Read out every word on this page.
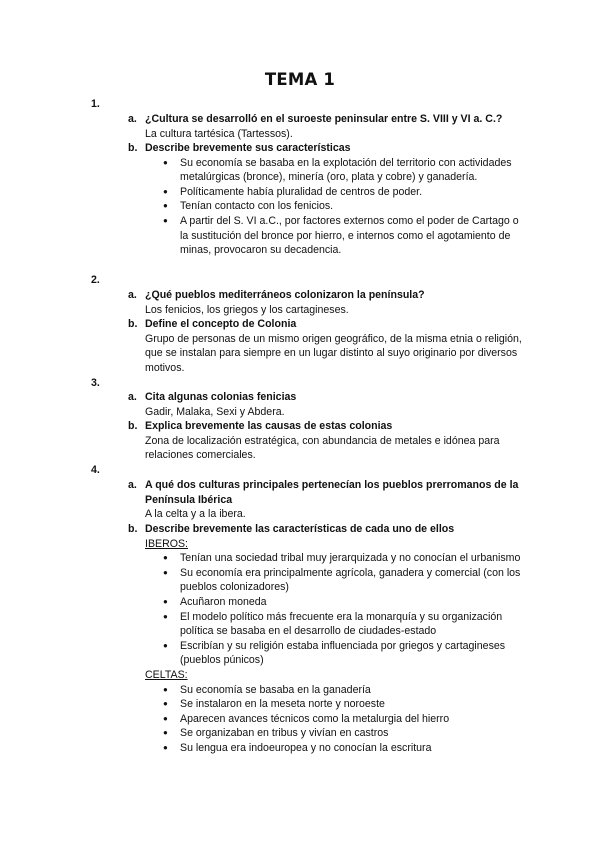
TEMA 1
1.
a. ¿Cultura se desarrolló en el suroeste peninsular entre S. VIII y VI a. C.?
La cultura tartésica (Tartessos).
b. Describe brevemente sus características
● Su economía se basaba en la explotación del territorio con actividades metalúrgicas (bronce), minería (oro, plata y cobre) y ganadería.
● Políticamente había pluralidad de centros de poder.
● Tenían contacto con los fenicios.
● A partir del S. VI a.C., por factores externos como el poder de Cartago o la sustitución del bronce por hierro, e internos como el agotamiento de minas, provocaron su decadencia.
2.
a. ¿Qué pueblos mediterráneos colonizaron la península?
Los fenicios, los griegos y los cartagineses.
b. Define el concepto de Colonia
Grupo de personas de un mismo origen geográfico, de la misma etnia o religión, que se instalan para siempre en un lugar distinto al suyo originario por diversos motivos.
3.
a. Cita algunas colonias fenicias
Gadir, Malaka, Sexi y Abdera.
b. Explica brevemente las causas de estas colonias
Zona de localización estratégica, con abundancia de metales e idónea para relaciones comerciales.
4.
a. A qué dos culturas principales pertenecían los pueblos prerromanos de la Península Ibérica
A la celta y a la ibera.
b. Describe brevemente las características de cada uno de ellos
IBEROS:
● Tenían una sociedad tribal muy jerarquizada y no conocían el urbanismo
● Su economía era principalmente agrícola, ganadera y comercial (con los pueblos colonizadores)
● Acuñaron moneda
● El modelo político más frecuente era la monarquía y su organización política se basaba en el desarrollo de ciudades-estado
● Escribían y su religión estaba influenciada por griegos y cartagineses (pueblos púnicos)
CELTAS:
● Su economía se basaba en la ganadería
● Se instalaron en la meseta norte y noroeste
● Aparecen avances técnicos como la metalurgia del hierro
● Se organizaban en tribus y vivían en castros
● Su lengua era indoeuropea y no conocían la escritura
